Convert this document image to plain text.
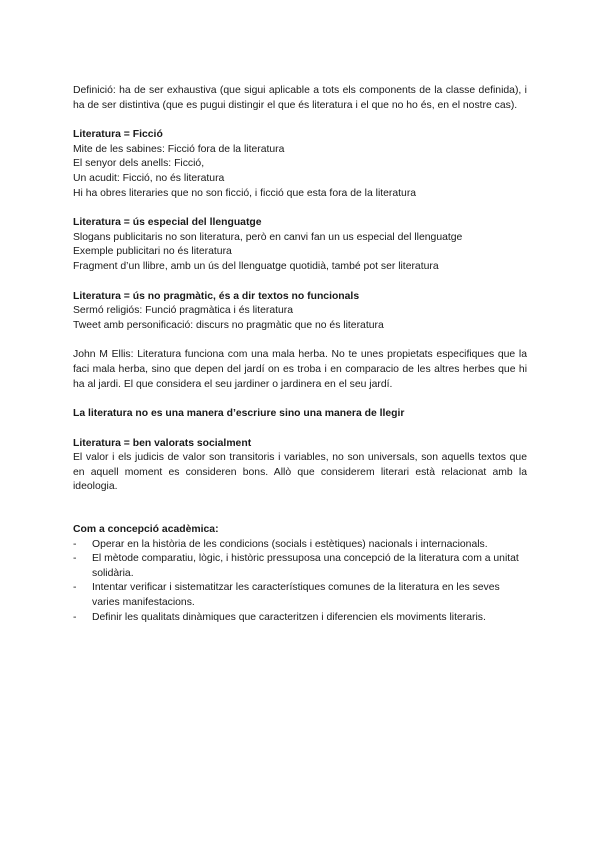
Definició: ha de ser exhaustiva (que sigui aplicable a tots els components de la classe definida), i ha de ser distintiva (que es pugui distingir el que és literatura i el que no ho és, en el nostre cas).

Literatura = Ficció

Mite de les sabines: Ficció fora de la literatura

El senyor dels anells: Ficció,

Un acudit: Ficció, no és literatura

Hi ha obres literaries que no son ficció, i ficció que esta fora de la literatura

Literatura = ús especial del llenguatge

Slogans publicitaris no son literatura, però en canvi fan un us especial del llenguatge

Exemple publicitari no és literatura

Fragment d’un llibre, amb un ús del llenguatge quotidià, també pot ser literatura

Literatura = ús no pragmàtic, és a dir textos no funcionals

Sermó religiós: Funció pragmàtica i és literatura

Tweet amb personificació: discurs no pragmàtic que no és literatura

John M Ellis: Literatura funciona com una mala herba. No te unes propietats especifiques que la faci mala herba, sino que depen del jardí on es troba i en comparacio de les altres herbes que hi ha al jardi. El que considera el seu jardiner o jardinera en el seu jardí.

La literatura no es una manera d’escriure sino una manera de llegir

Literatura = ben valorats socialment

El valor i els judicis de valor son transitoris i variables, no son universals, son aquells textos que en aquell moment es consideren bons. Allò que considerem literari està relacionat amb la ideologia.

Com a concepció acadèmica:

- Operar en la història de les condicions (socials i estètiques) nacionals i internacionals.
- El mètode comparatiu, lògic, i històric pressuposa una concepció de la literatura com a unitat solidària.
- Intentar verificar i sistematitzar les característiques comunes de la literatura en les seves varies manifestacions.
- Definir les qualitats dinàmiques que caracteritzen i diferencien els moviments literaris.
